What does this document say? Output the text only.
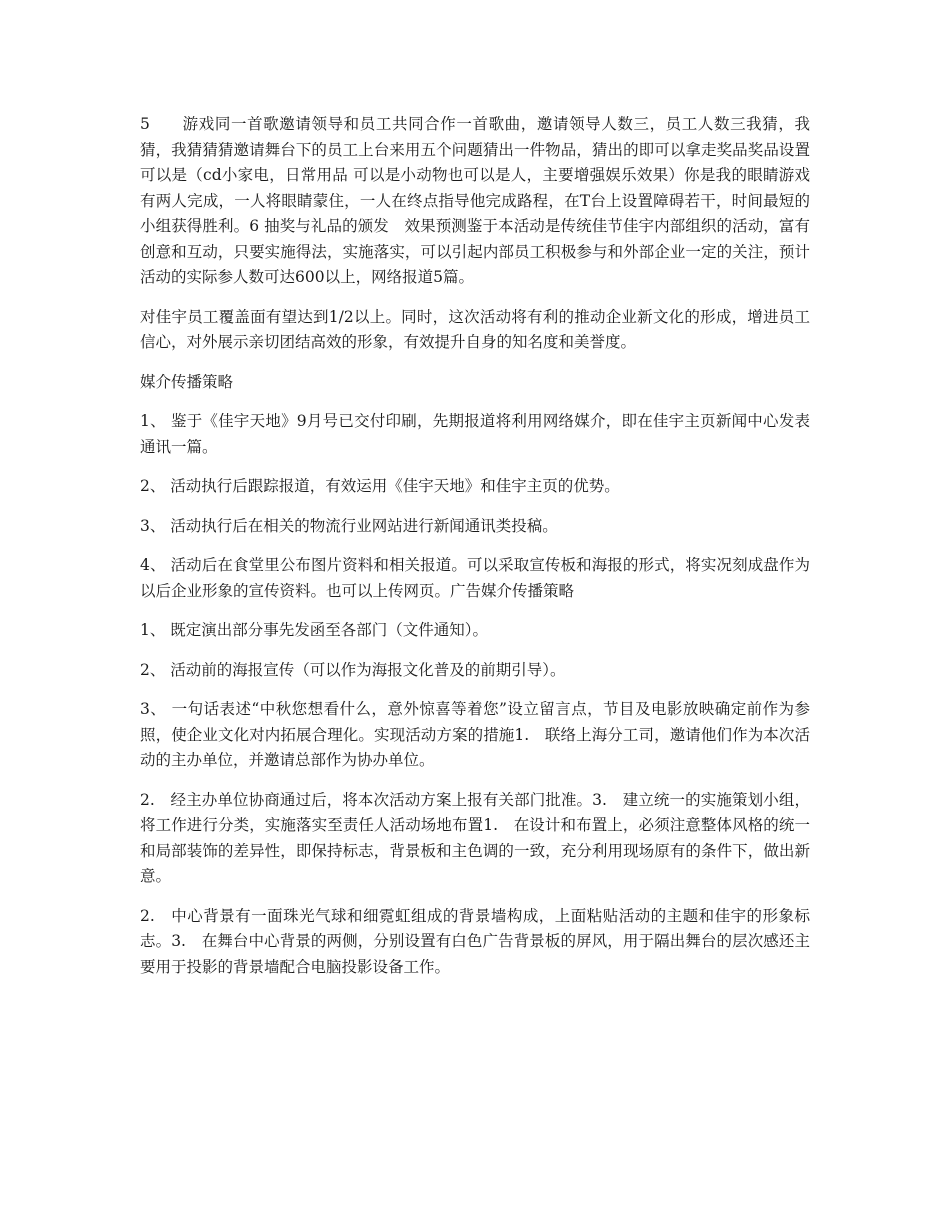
5　　游戏同一首歌邀请领导和员工共同合作一首歌曲，邀请领导人数三，员工人数三我猜，我猜，我猜猜猜邀请舞台下的员工上台来用五个问题猜出一件物品，猜出的即可以拿走奖品奖品设置可以是（cd小家电，日常用品 可以是小动物也可以是人，主要增强娱乐效果）你是我的眼睛游戏有两人完成，一人将眼睛蒙住，一人在终点指导他完成路程，在T台上设置障碍若干，时间最短的小组获得胜利。6 抽奖与礼品的颁发　效果预测鉴于本活动是传统佳节佳宇内部组织的活动，富有创意和互动，只要实施得法，实施落实，可以引起内部员工积极参与和外部企业一定的关注，预计活动的实际参人数可达600以上，网络报道5篇。

对佳宇员工覆盖面有望达到1/2以上。同时，这次活动将有利的推动企业新文化的形成，增进员工信心，对外展示亲切团结高效的形象，有效提升自身的知名度和美誉度。

媒介传播策略

1、 鉴于《佳宇天地》9月号已交付印刷，先期报道将利用网络媒介，即在佳宇主页新闻中心发表通讯一篇。

2、 活动执行后跟踪报道，有效运用《佳宇天地》和佳宇主页的优势。

3、 活动执行后在相关的物流行业网站进行新闻通讯类投稿。

4、 活动后在食堂里公布图片资料和相关报道。可以采取宣传板和海报的形式，将实况刻成盘作为以后企业形象的宣传资料。也可以上传网页。广告媒介传播策略

1、 既定演出部分事先发函至各部门（文件通知）。

2、 活动前的海报宣传（可以作为海报文化普及的前期引导）。

3、 一句话表述“中秋您想看什么，意外惊喜等着您”设立留言点，节目及电影放映确定前作为参照，使企业文化对内拓展合理化。实现活动方案的措施1.　联络上海分工司，邀请他们作为本次活动的主办单位，并邀请总部作为协办单位。

2.　经主办单位协商通过后，将本次活动方案上报有关部门批准。3.　建立统一的实施策划小组，将工作进行分类，实施落实至责任人活动场地布置1.　在设计和布置上，必须注意整体风格的统一和局部装饰的差异性，即保持标志，背景板和主色调的一致，充分利用现场原有的条件下，做出新意。

2.　中心背景有一面珠光气球和细霓虹组成的背景墙构成，上面粘贴活动的主题和佳宇的形象标志。3.　在舞台中心背景的两侧，分别设置有白色广告背景板的屏风，用于隔出舞台的层次感还主要用于投影的背景墙配合电脑投影设备工作。
